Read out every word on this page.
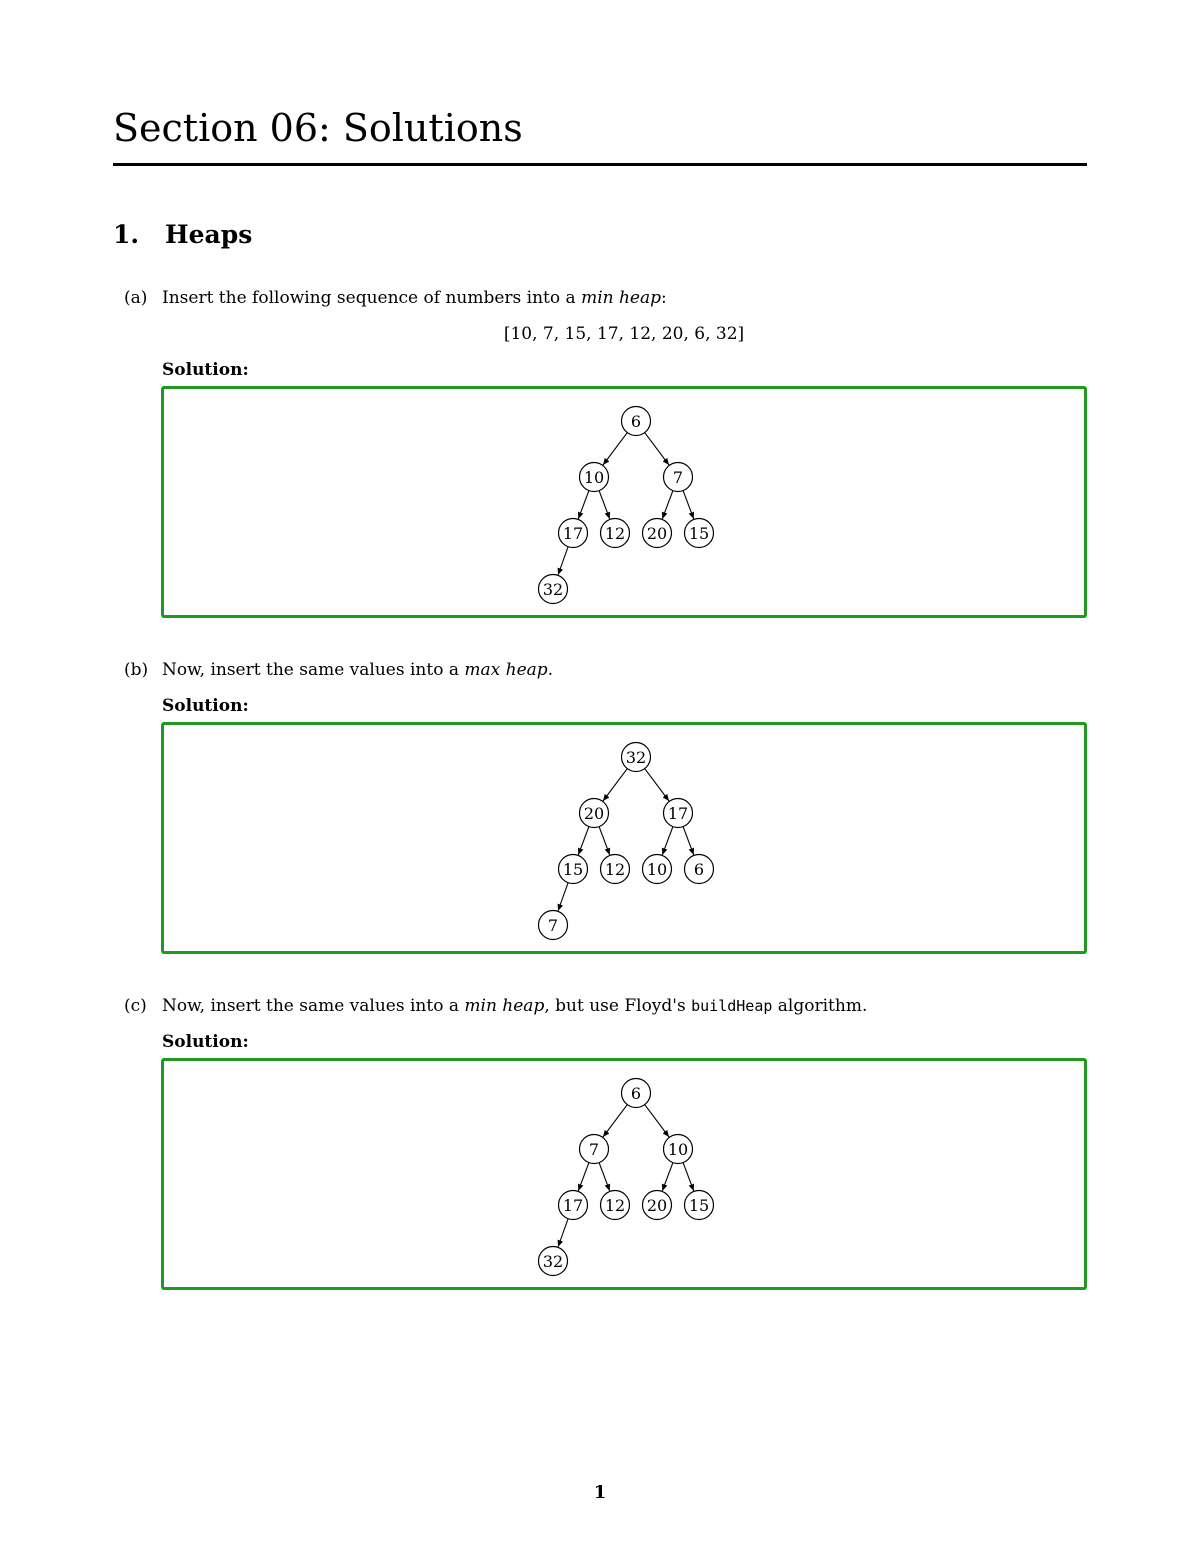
Section 06: Solutions
1. Heaps
(a) Insert the following sequence of numbers into a min heap:
[10, 7, 15, 17, 12, 20, 6, 32]
Solution:
6
10	7
17 12 20 15
32
(b) Now, insert the same values into a max heap.
Solution:
32
20	17
15 12 10 6
7
(c) Now, insert the same values into a min heap, but use Floyd's buildHeap algorithm.
Solution:
6
7	10
17 12 20 15
32
1
